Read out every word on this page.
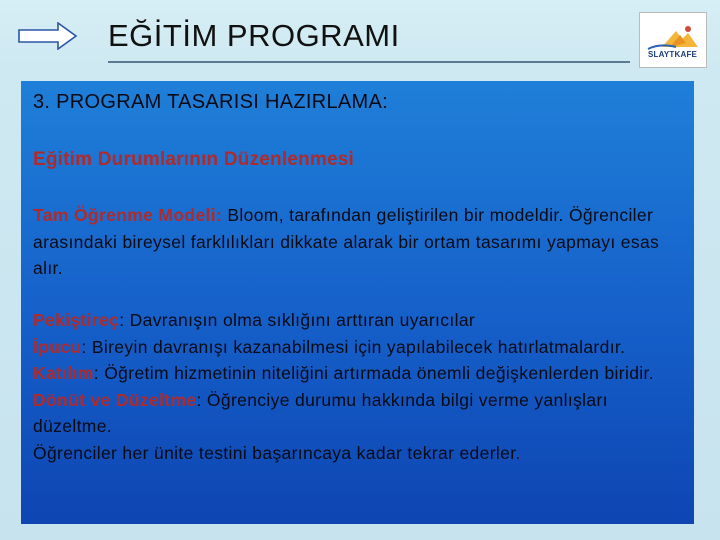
EĞİTİM PROGRAMI
SLAYTKAFE
3. PROGRAM TASARISI HAZIRLAMA:
Eğitim Durumlarının Düzenlenmesi
Tam Öğrenme Modeli: Bloom, tarafından geliştirilen bir modeldir. Öğrenciler arasındaki bireysel farklılıkları dikkate alarak bir ortam tasarımı yapmayı esas alır.
Pekiştireç: Davranışın olma sıklığını arttıran uyarıcılar
İpucu: Bireyin davranışı kazanabilmesi için yapılabilecek hatırlatmalardır.
Katılım: Öğretim hizmetinin niteliğini artırmada önemli değişkenlerden biridir.
Dönüt ve Düzeltme: Öğrenciye durumu hakkında bilgi verme yanlışları düzeltme.
Öğrenciler her ünite testini başarıncaya kadar tekrar ederler.
